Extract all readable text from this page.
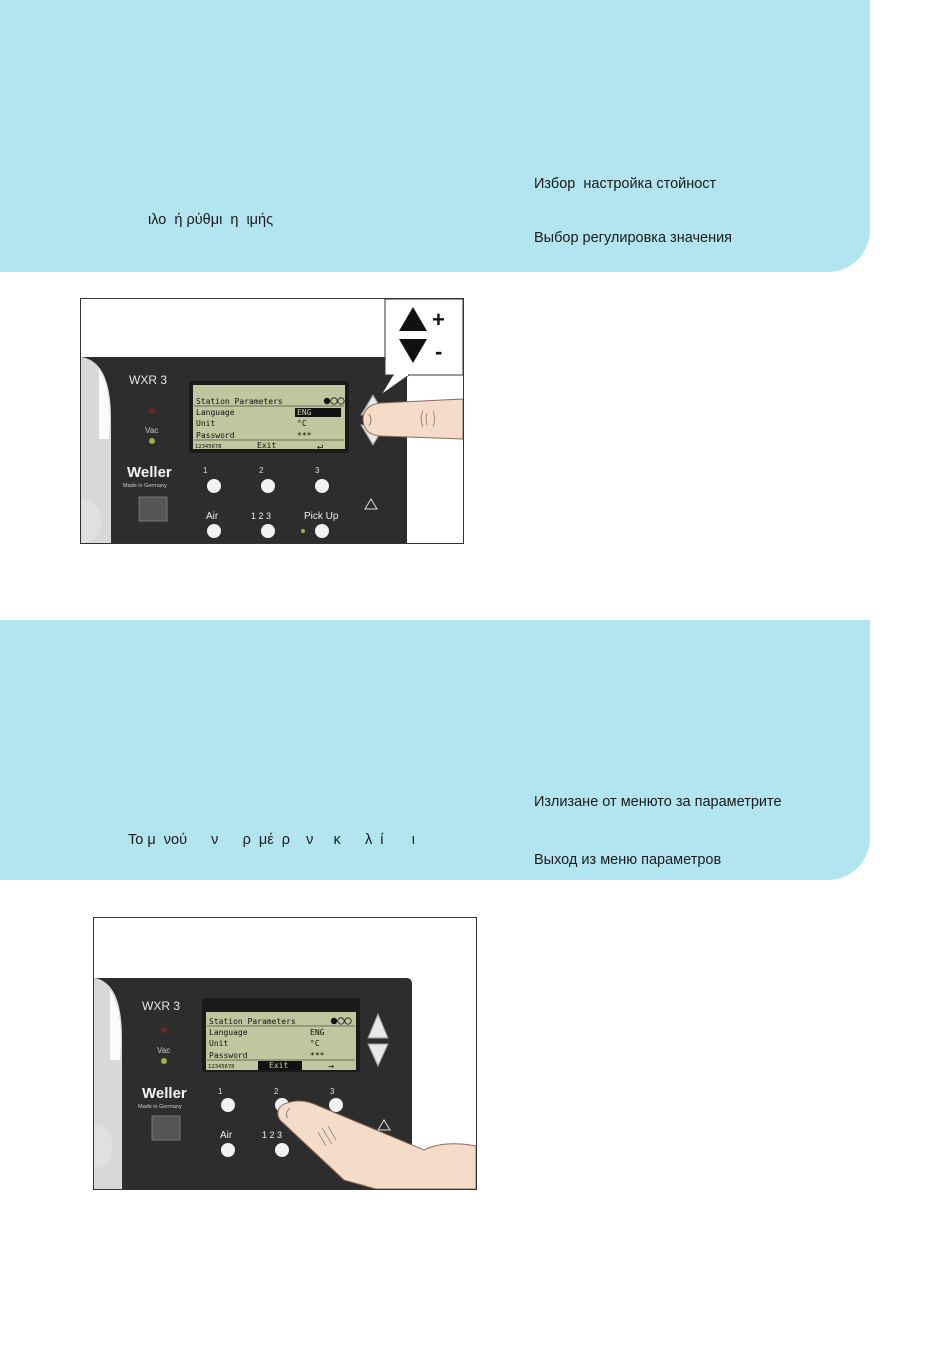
ιλο  ή ρύθμι  η  ιμής
Избор  настройка стойност
Выбор регулировка значения
WXR 3
Vac
Station Parameters
Language	ENG
Unit	°C
Password	***
12345678	Exit	↵
Weller
Made in Germany
1	2	3
Air	1 2 3	Pick Up
+
-
Το μ  νού      ν      ρ  μέ  ρ    ν     κ      λ  ί       ι
Излизане от менюто за параметрите
Выход из меню параметров
WXR 3
Vac
Station Parameters
Language	ENG
Unit	°C
Password	***
12345678	Exit	→
Weller
Made in Germany
1	2	3
Air	1 2 3
